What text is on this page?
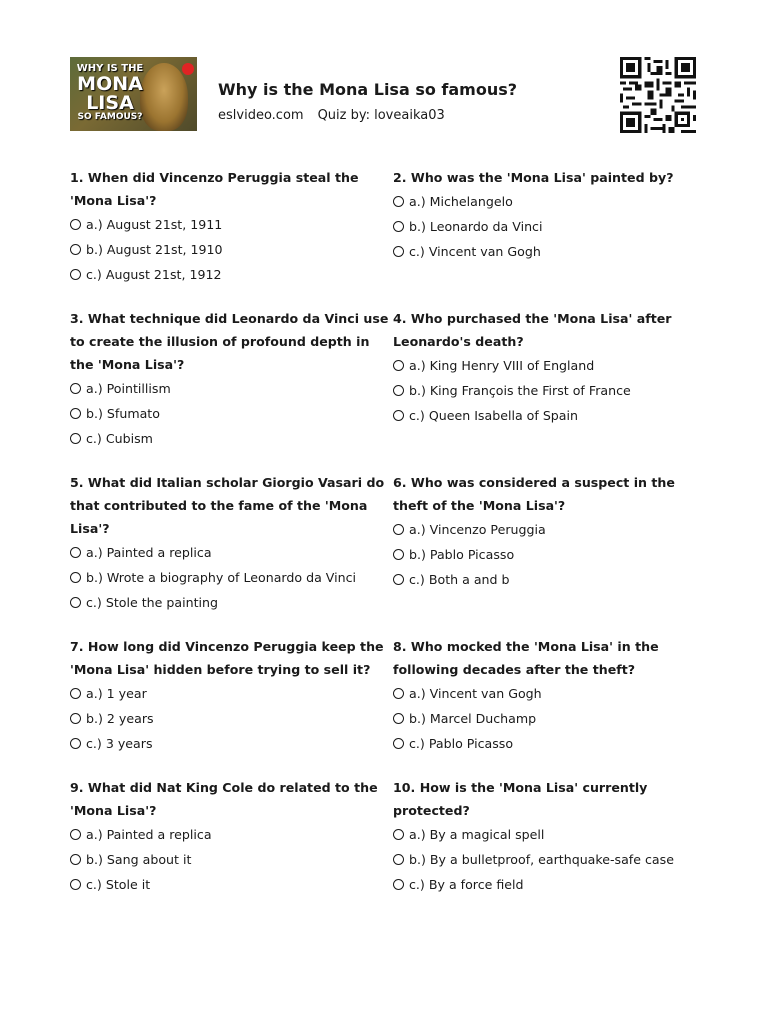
WHY IS THE
MONA
LISA
SO FAMOUS?
Why is the Mona Lisa so famous?
eslvideo.com Quiz by: loveaika03

1. When did Vincenzo Peruggia steal the 'Mona Lisa'?

a.) August 21st, 1911
b.) August 21st, 1910
c.) August 21st, 1912

2. Who was the 'Mona Lisa' painted by?

a.) Michelangelo
b.) Leonardo da Vinci
c.) Vincent van Gogh

3. What technique did Leonardo da Vinci use to create the illusion of profound depth in the 'Mona Lisa'?

a.) Pointillism
b.) Sfumato
c.) Cubism

4. Who purchased the 'Mona Lisa' after Leonardo's death?

a.) King Henry VIII of England
b.) King François the First of France
c.) Queen Isabella of Spain

5. What did Italian scholar Giorgio Vasari do that contributed to the fame of the 'Mona Lisa'?

a.) Painted a replica
b.) Wrote a biography of Leonardo da Vinci
c.) Stole the painting

6. Who was considered a suspect in the theft of the 'Mona Lisa'?

a.) Vincenzo Peruggia
b.) Pablo Picasso
c.) Both a and b

7. How long did Vincenzo Peruggia keep the 'Mona Lisa' hidden before trying to sell it?

a.) 1 year
b.) 2 years
c.) 3 years

8. Who mocked the 'Mona Lisa' in the following decades after the theft?

a.) Vincent van Gogh
b.) Marcel Duchamp
c.) Pablo Picasso

9. What did Nat King Cole do related to the 'Mona Lisa'?

a.) Painted a replica
b.) Sang about it
c.) Stole it

10. How is the 'Mona Lisa' currently protected?

a.) By a magical spell
b.) By a bulletproof, earthquake-safe case
c.) By a force field
